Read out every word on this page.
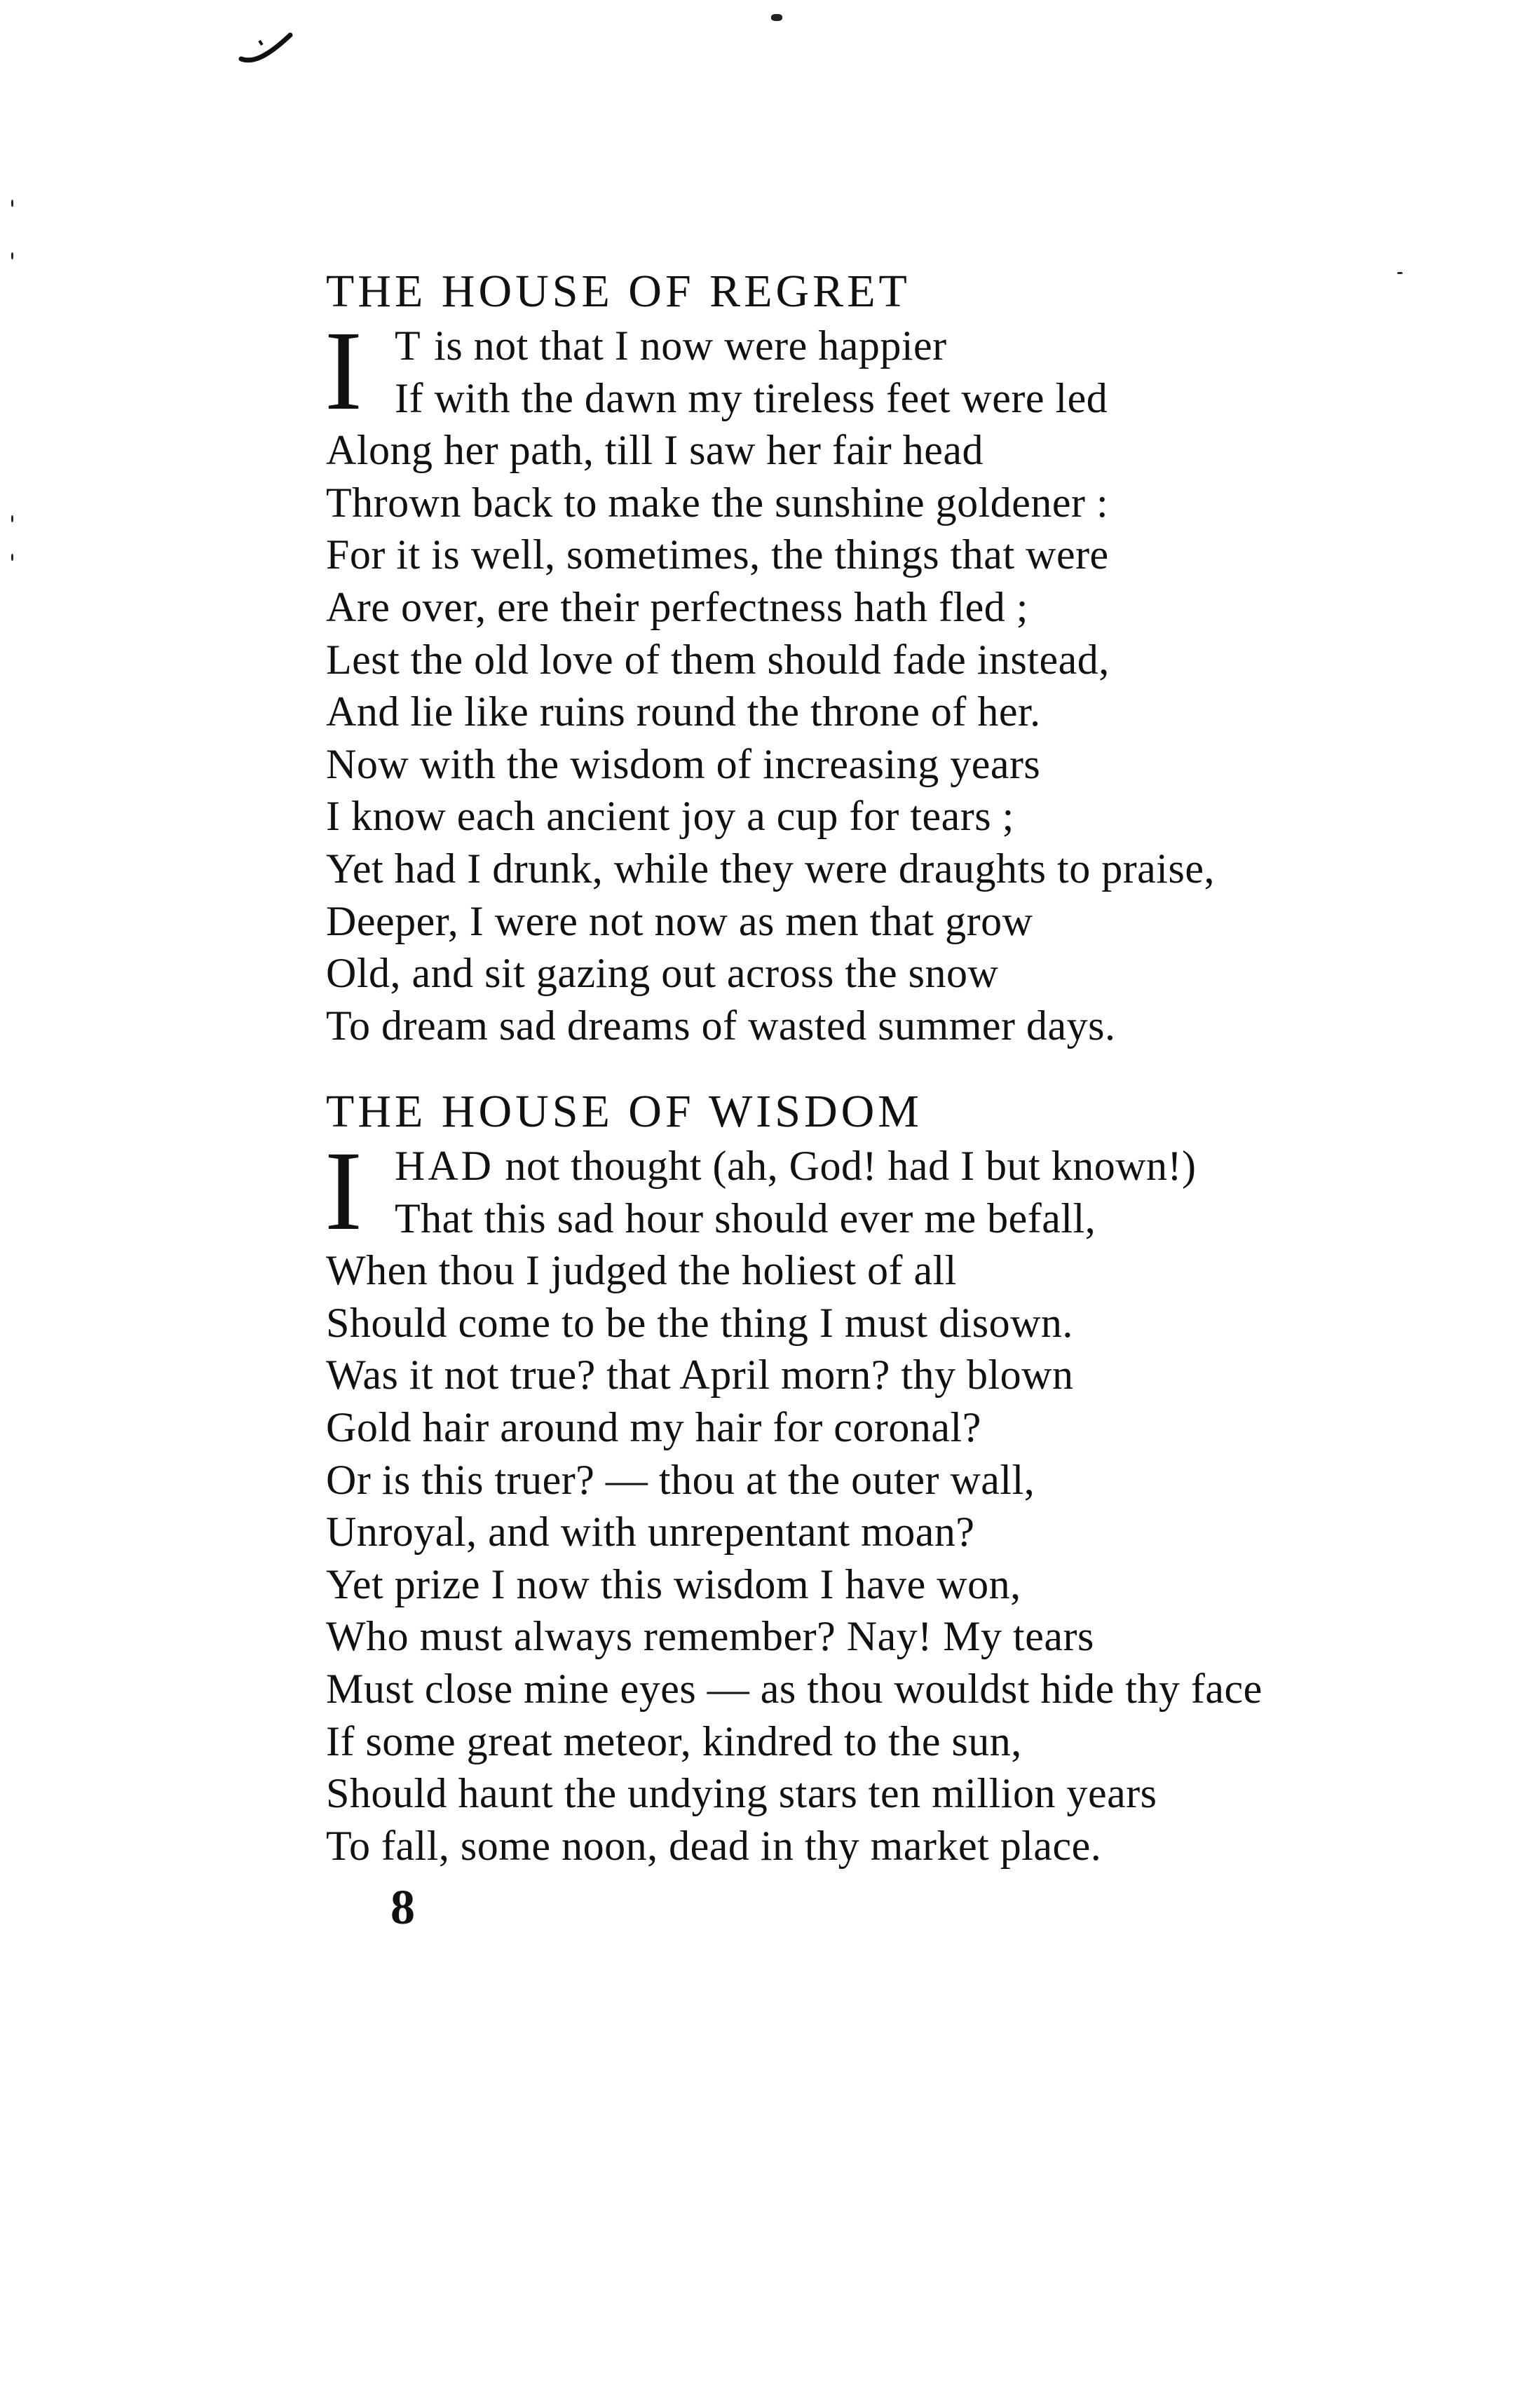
THE HOUSE OF REGRET
I T is not that I now were happier
If with the dawn my tireless feet were led
Along her path, till I saw her fair head
Thrown back to make the sunshine goldener :
For it is well, sometimes, the things that were
Are over, ere their perfectness hath fled ;
Lest the old love of them should fade instead,
And lie like ruins round the throne of her.
Now with the wisdom of increasing years
I know each ancient joy a cup for tears ;
Yet had I drunk, while they were draughts to praise,
Deeper, I were not now as men that grow
Old, and sit gazing out across the snow
To dream sad dreams of wasted summer days.
THE HOUSE OF WISDOM
I HAD not thought (ah, God! had I but known!)
That this sad hour should ever me befall,
When thou I judged the holiest of all
Should come to be the thing I must disown.
Was it not true? that April morn? thy blown
Gold hair around my hair for coronal?
Or is this truer? — thou at the outer wall,
Unroyal, and with unrepentant moan?
Yet prize I now this wisdom I have won,
Who must always remember? Nay! My tears
Must close mine eyes — as thou wouldst hide thy face
If some great meteor, kindred to the sun,
Should haunt the undying stars ten million years
To fall, some noon, dead in thy market place.
8
